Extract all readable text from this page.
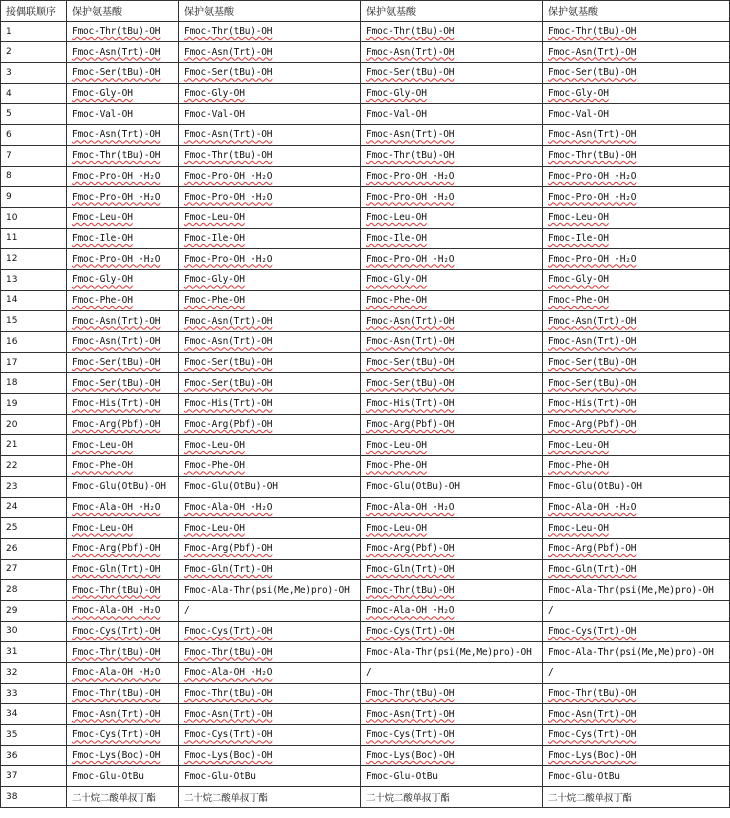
接偶联顺序	保护氨基酸	保护氨基酸	保护氨基酸	保护氨基酸
1	Fmoc-Thr(tBu)-OH	Fmoc-Thr(tBu)-OH	Fmoc-Thr(tBu)-OH	Fmoc-Thr(tBu)-OH
2	Fmoc-Asn(Trt)-OH	Fmoc-Asn(Trt)-OH	Fmoc-Asn(Trt)-OH	Fmoc-Asn(Trt)-OH
3	Fmoc-Ser(tBu)-OH	Fmoc-Ser(tBu)-OH	Fmoc-Ser(tBu)-OH	Fmoc-Ser(tBu)-OH
4	Fmoc-Gly-OH	Fmoc-Gly-OH	Fmoc-Gly-OH	Fmoc-Gly-OH
5	Fmoc-Val-OH	Fmoc-Val-OH	Fmoc-Val-OH	Fmoc-Val-OH
6	Fmoc-Asn(Trt)-OH	Fmoc-Asn(Trt)-OH	Fmoc-Asn(Trt)-OH	Fmoc-Asn(Trt)-OH
7	Fmoc-Thr(tBu)-OH	Fmoc-Thr(tBu)-OH	Fmoc-Thr(tBu)-OH	Fmoc-Thr(tBu)-OH
8	Fmoc-Pro-OH ·H₂O	Fmoc-Pro-OH ·H₂O	Fmoc-Pro-OH ·H₂O	Fmoc-Pro-OH ·H₂O
9	Fmoc-Pro-OH ·H₂O	Fmoc-Pro-OH ·H₂O	Fmoc-Pro-OH ·H₂O	Fmoc-Pro-OH ·H₂O
10	Fmoc-Leu-OH	Fmoc-Leu-OH	Fmoc-Leu-OH	Fmoc-Leu-OH
11	Fmoc-Ile-OH	Fmoc-Ile-OH	Fmoc-Ile-OH	Fmoc-Ile-OH
12	Fmoc-Pro-OH ·H₂O	Fmoc-Pro-OH ·H₂O	Fmoc-Pro-OH ·H₂O	Fmoc-Pro-OH ·H₂O
13	Fmoc-Gly-OH	Fmoc-Gly-OH	Fmoc-Gly-OH	Fmoc-Gly-OH
14	Fmoc-Phe-OH	Fmoc-Phe-OH	Fmoc-Phe-OH	Fmoc-Phe-OH
15	Fmoc-Asn(Trt)-OH	Fmoc-Asn(Trt)-OH	Fmoc-Asn(Trt)-OH	Fmoc-Asn(Trt)-OH
16	Fmoc-Asn(Trt)-OH	Fmoc-Asn(Trt)-OH	Fmoc-Asn(Trt)-OH	Fmoc-Asn(Trt)-OH
17	Fmoc-Ser(tBu)-OH	Fmoc-Ser(tBu)-OH	Fmoc-Ser(tBu)-OH	Fmoc-Ser(tBu)-OH
18	Fmoc-Ser(tBu)-OH	Fmoc-Ser(tBu)-OH	Fmoc-Ser(tBu)-OH	Fmoc-Ser(tBu)-OH
19	Fmoc-His(Trt)-OH	Fmoc-His(Trt)-OH	Fmoc-His(Trt)-OH	Fmoc-His(Trt)-OH
20	Fmoc-Arg(Pbf)-OH	Fmoc-Arg(Pbf)-OH	Fmoc-Arg(Pbf)-OH	Fmoc-Arg(Pbf)-OH
21	Fmoc-Leu-OH	Fmoc-Leu-OH	Fmoc-Leu-OH	Fmoc-Leu-OH
22	Fmoc-Phe-OH	Fmoc-Phe-OH	Fmoc-Phe-OH	Fmoc-Phe-OH
23	Fmoc-Glu(OtBu)-OH	Fmoc-Glu(OtBu)-OH	Fmoc-Glu(OtBu)-OH	Fmoc-Glu(OtBu)-OH
24	Fmoc-Ala-OH ·H₂O	Fmoc-Ala-OH ·H₂O	Fmoc-Ala-OH ·H₂O	Fmoc-Ala-OH ·H₂O
25	Fmoc-Leu-OH	Fmoc-Leu-OH	Fmoc-Leu-OH	Fmoc-Leu-OH
26	Fmoc-Arg(Pbf)-OH	Fmoc-Arg(Pbf)-OH	Fmoc-Arg(Pbf)-OH	Fmoc-Arg(Pbf)-OH
27	Fmoc-Gln(Trt)-OH	Fmoc-Gln(Trt)-OH	Fmoc-Gln(Trt)-OH	Fmoc-Gln(Trt)-OH
28	Fmoc-Thr(tBu)-OH	Fmoc-Ala-Thr(psi(Me,Me)pro)-OH	Fmoc-Thr(tBu)-OH	Fmoc-Ala-Thr(psi(Me,Me)pro)-OH
29	Fmoc-Ala-OH ·H₂O	/	Fmoc-Ala-OH ·H₂O	/
30	Fmoc-Cys(Trt)-OH	Fmoc-Cys(Trt)-OH	Fmoc-Cys(Trt)-OH	Fmoc-Cys(Trt)-OH
31	Fmoc-Thr(tBu)-OH	Fmoc-Thr(tBu)-OH	Fmoc-Ala-Thr(psi(Me,Me)pro)-OH	Fmoc-Ala-Thr(psi(Me,Me)pro)-OH
32	Fmoc-Ala-OH ·H₂O	Fmoc-Ala-OH ·H₂O	/	/
33	Fmoc-Thr(tBu)-OH	Fmoc-Thr(tBu)-OH	Fmoc-Thr(tBu)-OH	Fmoc-Thr(tBu)-OH
34	Fmoc-Asn(Trt)-OH	Fmoc-Asn(Trt)-OH	Fmoc-Asn(Trt)-OH	Fmoc-Asn(Trt)-OH
35	Fmoc-Cys(Trt)-OH	Fmoc-Cys(Trt)-OH	Fmoc-Cys(Trt)-OH	Fmoc-Cys(Trt)-OH
36	Fmoc-Lys(Boc)-OH	Fmoc-Lys(Boc)-OH	Fmoc-Lys(Boc)-OH	Fmoc-Lys(Boc)-OH
37	Fmoc-Glu-OtBu	Fmoc-Glu-OtBu	Fmoc-Glu-OtBu	Fmoc-Glu-OtBu
38	二十烷二酸单叔丁酯	二十烷二酸单叔丁酯	二十烷二酸单叔丁酯	二十烷二酸单叔丁酯
